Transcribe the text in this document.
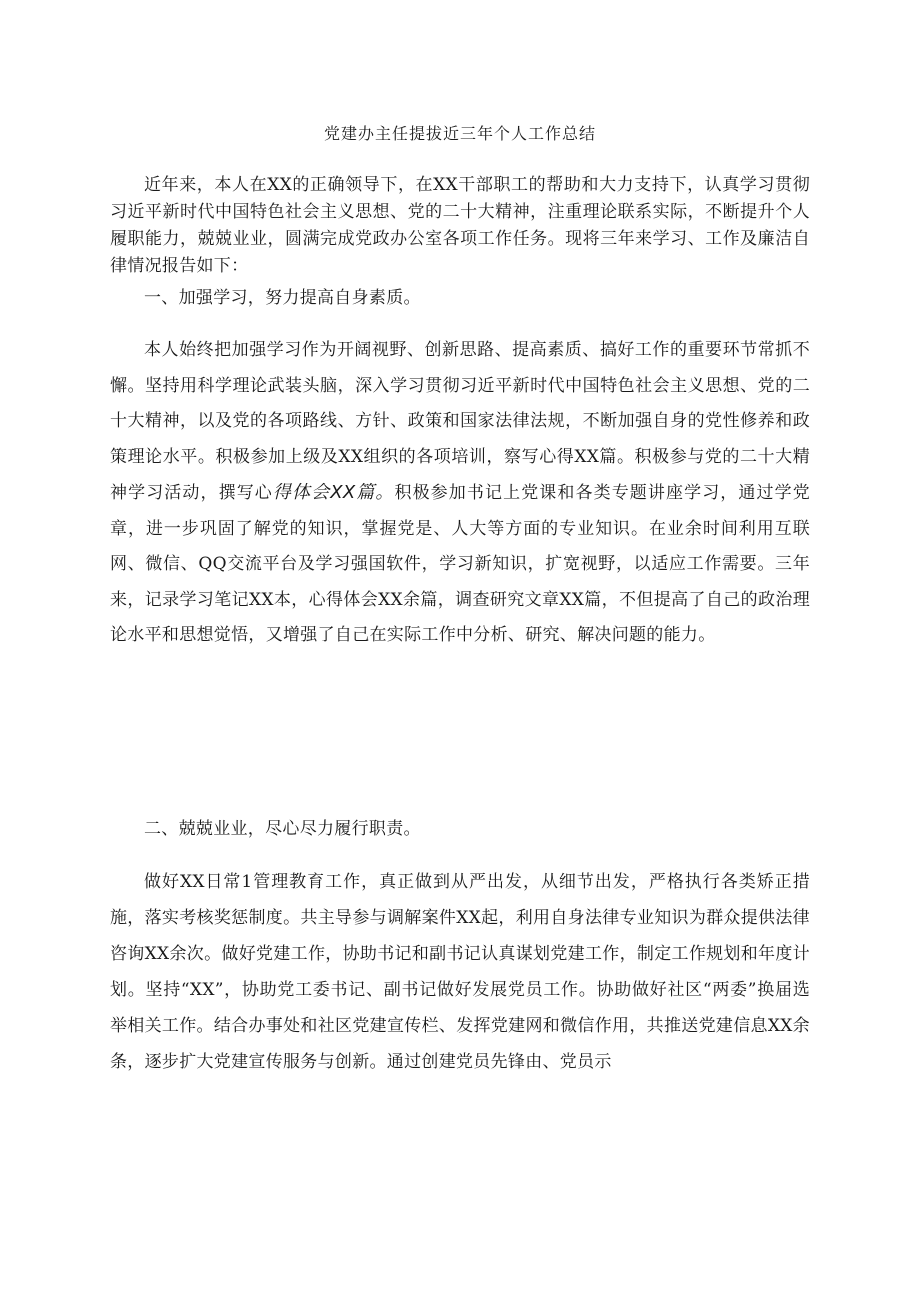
党建办主任提拔近三年个人工作总结

近年来，本人在XX的正确领导下，在XX干部职工的帮助和大力支持下，认真学习贯彻习近平新时代中国特色社会主义思想、党的二十大精神，注重理论联系实际，不断提升个人履职能力，兢兢业业，圆满完成党政办公室各项工作任务。现将三年来学习、工作及廉洁自律情况报告如下：

一、加强学习，努力提高自身素质。

本人始终把加强学习作为开阔视野、创新思路、提高素质、搞好工作的重要环节常抓不懈。坚持用科学理论武装头脑，深入学习贯彻习近平新时代中国特色社会主义思想、党的二十大精神，以及党的各项路线、方针、政策和国家法律法规，不断加强自身的党性修养和政策理论水平。积极参加上级及XX组织的各项培训，察写心得XX篇。积极参与党的二十大精神学习活动，撰写心得体会XX篇。积极参加书记上党课和各类专题讲座学习，通过学党章，进一步巩固了解党的知识，掌握党是、人大等方面的专业知识。在业余时间利用互联网、微信、QQ交流平台及学习强国软件，学习新知识，扩宽视野，以适应工作需要。三年来，记录学习笔记XX本，心得体会XX余篇，调查研究文章XX篇，不但提高了自己的政治理论水平和思想觉悟，又增强了自己在实际工作中分析、研究、解决问题的能力。

二、兢兢业业，尽心尽力履行职责。

做好XX日常1管理教育工作，真正做到从严出发，从细节出发，严格执行各类矫正措施，落实考核奖惩制度。共主导参与调解案件XX起，利用自身法律专业知识为群众提供法律咨询XX余次。做好党建工作，协助书记和副书记认真谋划党建工作，制定工作规划和年度计划。坚持“XX”，协助党工委书记、副书记做好发展党员工作。协助做好社区“两委”换届选举相关工作。结合办事处和社区党建宣传栏、发挥党建网和微信作用，共推送党建信息XX余条，逐步扩大党建宣传服务与创新。通过创建党员先锋由、党员示
